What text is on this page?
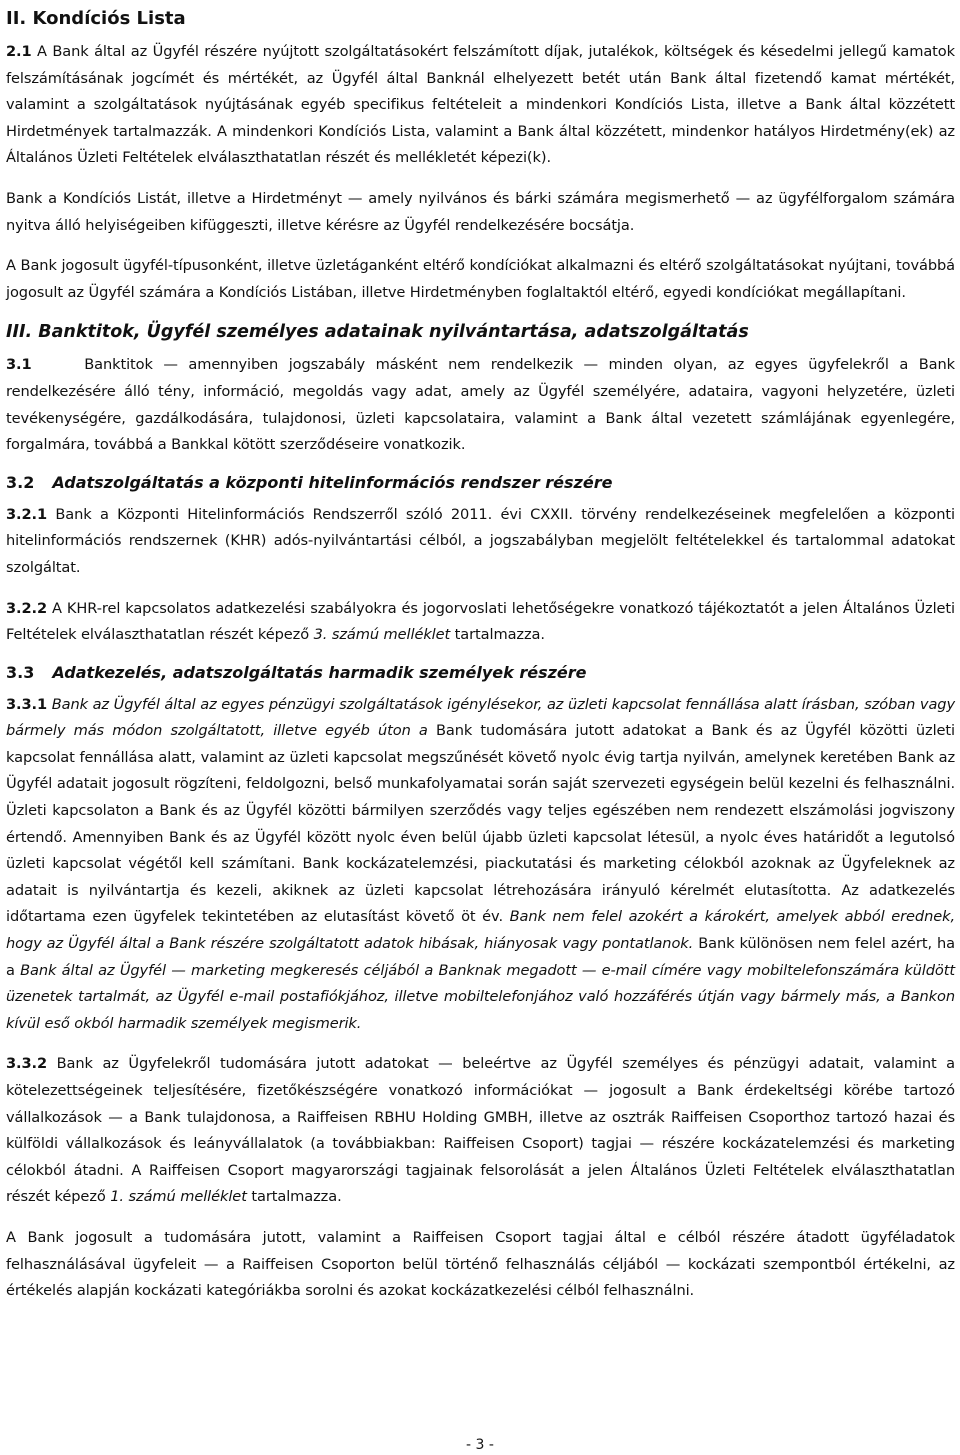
II. Kondíciós Lista

2.1 A Bank által az Ügyfél részére nyújtott szolgáltatásokért felszámított díjak, jutalékok, költségek és késedelmi jellegű kamatok felszámításának jogcímét és mértékét, az Ügyfél által Banknál elhelyezett betét után Bank által fizetendő kamat mértékét, valamint a szolgáltatások nyújtásának egyéb specifikus feltételeit a mindenkori Kondíciós Lista, illetve a Bank által közzétett Hirdetmények tartalmazzák. A mindenkori Kondíciós Lista, valamint a Bank által közzétett, mindenkor hatályos Hirdetmény(ek) az Általános Üzleti Feltételek elválaszthatatlan részét és mellékletét képezi(k).

Bank a Kondíciós Listát, illetve a Hirdetményt — amely nyilvános és bárki számára megismerhető — az ügyfélforgalom számára nyitva álló helyiségeiben kifüggeszti, illetve kérésre az Ügyfél rendelkezésére bocsátja.

A Bank jogosult ügyfél-típusonként, illetve üzletáganként eltérő kondíciókat alkalmazni és eltérő szolgáltatásokat nyújtani, továbbá jogosult az Ügyfél számára a Kondíciós Listában, illetve Hirdetményben foglaltaktól eltérő, egyedi kondíciókat megállapítani.

III. Banktitok, Ügyfél személyes adatainak nyilvántartása, adatszolgáltatás

3.1	Banktitok — amennyiben jogszabály másként nem rendelkezik — minden olyan, az egyes ügyfelekről a Bank rendelkezésére álló tény, információ, megoldás vagy adat, amely az Ügyfél személyére, adataira, vagyoni helyzetére, üzleti tevékenységére, gazdálkodására, tulajdonosi, üzleti kapcsolataira, valamint a Bank által vezetett számlájának egyenlegére, forgalmára, továbbá a Bankkal kötött szerződéseire vonatkozik.

3.2 Adatszolgáltatás a központi hitelinformációs rendszer részére

3.2.1 Bank a Központi Hitelinformációs Rendszerről szóló 2011. évi CXXII. törvény rendelkezéseinek megfelelően a központi hitelinformációs rendszernek (KHR) adós-nyilvántartási célból, a jogszabályban megjelölt feltételekkel és tartalommal adatokat szolgáltat.

3.2.2 A KHR-rel kapcsolatos adatkezelési szabályokra és jogorvoslati lehetőségekre vonatkozó tájékoztatót a jelen Általános Üzleti Feltételek elválaszthatatlan részét képező 3. számú melléklet tartalmazza.

3.3 Adatkezelés, adatszolgáltatás harmadik személyek részére

3.3.1 Bank az Ügyfél által az egyes pénzügyi szolgáltatások igénylésekor, az üzleti kapcsolat fennállása alatt írásban, szóban vagy bármely más módon szolgáltatott, illetve egyéb úton a Bank tudomására jutott adatokat a Bank és az Ügyfél közötti üzleti kapcsolat fennállása alatt, valamint az üzleti kapcsolat megszűnését követő nyolc évig tartja nyilván, amelynek keretében Bank az Ügyfél adatait jogosult rögzíteni, feldolgozni, belső munkafolyamatai során saját szervezeti egységein belül kezelni és felhasználni. Üzleti kapcsolaton a Bank és az Ügyfél közötti bármilyen szerződés vagy teljes egészében nem rendezett elszámolási jogviszony értendő. Amennyiben Bank és az Ügyfél között nyolc éven belül újabb üzleti kapcsolat létesül, a nyolc éves határidőt a legutolsó üzleti kapcsolat végétől kell számítani. Bank kockázatelemzési, piackutatási és marketing célokból azoknak az Ügyfeleknek az adatait is nyilvántartja és kezeli, akiknek az üzleti kapcsolat létrehozására irányuló kérelmét elutasította. Az adatkezelés időtartama ezen ügyfelek tekintetében az elutasítást követő öt év. Bank nem felel azokért a károkért, amelyek abból erednek, hogy az Ügyfél által a Bank részére szolgáltatott adatok hibásak, hiányosak vagy pontatlanok. Bank különösen nem felel azért, ha a Bank által az Ügyfél — marketing megkeresés céljából a Banknak megadott — e-mail címére vagy mobiltelefonszámára küldött üzenetek tartalmát, az Ügyfél e-mail postafiókjához, illetve mobiltelefonjához való hozzáférés útján vagy bármely más, a Bankon kívül eső okból harmadik személyek megismerik.

3.3.2 Bank az Ügyfelekről tudomására jutott adatokat — beleértve az Ügyfél személyes és pénzügyi adatait, valamint a kötelezettségeinek teljesítésére, fizetőkészségére vonatkozó információkat — jogosult a Bank érdekeltségi körébe tartozó vállalkozások — a Bank tulajdonosa, a Raiffeisen RBHU Holding GMBH, illetve az osztrák Raiffeisen Csoporthoz tartozó hazai és külföldi vállalkozások és leányvállalatok (a továbbiakban: Raiffeisen Csoport) tagjai — részére kockázatelemzési és marketing célokból átadni. A Raiffeisen Csoport magyarországi tagjainak felsorolását a jelen Általános Üzleti Feltételek elválaszthatatlan részét képező 1. számú melléklet tartalmazza.

A Bank jogosult a tudomására jutott, valamint a Raiffeisen Csoport tagjai által e célból részére átadott ügyféladatok felhasználásával ügyfeleit — a Raiffeisen Csoporton belül történő felhasználás céljából — kockázati szempontból értékelni, az értékelés alapján kockázati kategóriákba sorolni és azokat kockázatkezelési célból felhasználni.

- 3 -
